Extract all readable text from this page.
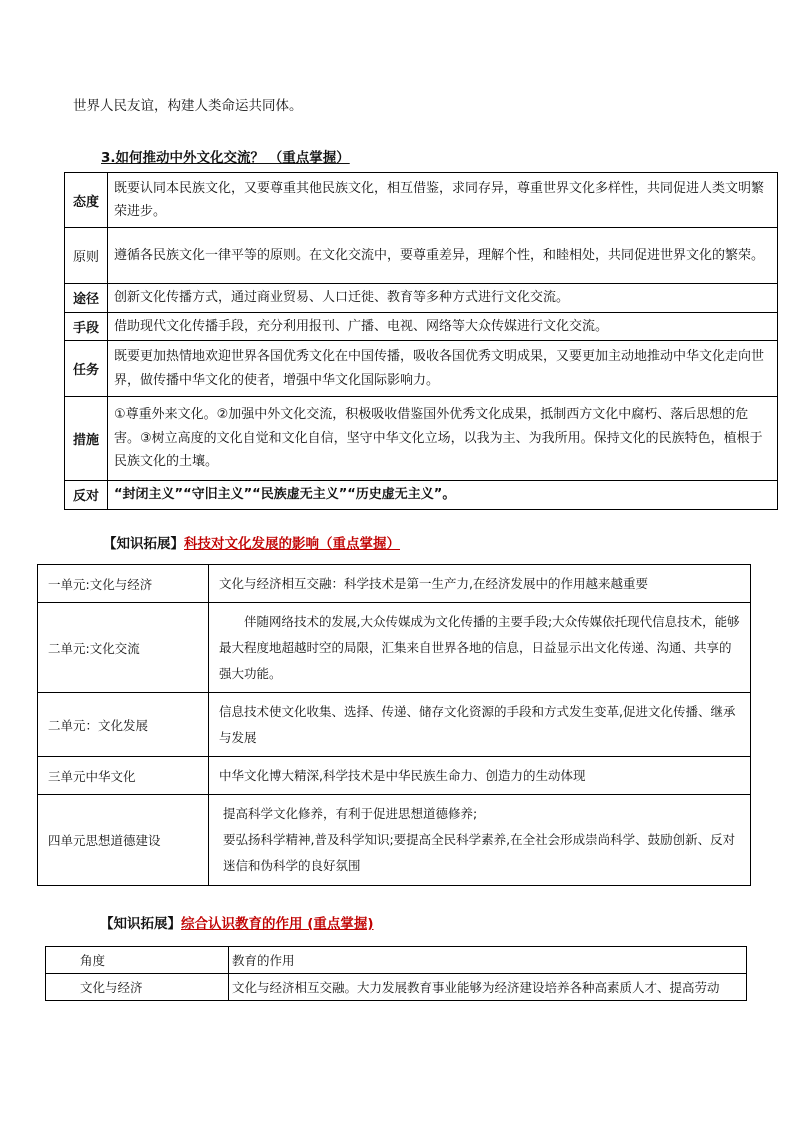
世界人民友谊，构建人类命运共同体。
3.如何推动中外文化交流？ （重点掌握）
态度	既要认同本民族文化，又要尊重其他民族文化，相互借鉴，求同存异，尊重世界文化多样性，共同促进人类文明繁荣进步。
原则	遵循各民族文化一律平等的原则。在文化交流中，要尊重差异，理解个性，和睦相处，共同促进世界文化的繁荣。
途径	创新文化传播方式，通过商业贸易、人口迁徙、教育等多种方式进行文化交流。
手段	借助现代文化传播手段，充分利用报刊、广播、电视、网络等大众传媒进行文化交流。
任务	既要更加热情地欢迎世界各国优秀文化在中国传播，吸收各国优秀文明成果，又要更加主动地推动中华文化走向世界，做传播中华文化的使者，增强中华文化国际影响力。
措施	①尊重外来文化。②加强中外文化交流，积极吸收借鉴国外优秀文化成果，抵制西方文化中腐朽、落后思想的危害。③树立高度的文化自觉和文化自信，坚守中华文化立场，以我为主、为我所用。保持文化的民族特色，植根于民族文化的土壤。
反对	“封闭主义”“守旧主义”“民族虚无主义”“历史虚无主义”。
【知识拓展】科技对文化发展的影响（重点掌握）
一单元:文化与经济	文化与经济相互交融：科学技术是第一生产力,在经济发展中的作用越来越重要
二单元:文化交流	伴随网络技术的发展,大众传媒成为文化传播的主要手段;大众传媒依托现代信息技术，能够最大程度地超越时空的局限，汇集来自世界各地的信息，日益显示出文化传递、沟通、共享的强大功能。
二单元：文化发展	信息技术使文化收集、选择、传递、储存文化资源的手段和方式发生变革,促进文化传播、继承与发展
三单元中华文化	中华文化博大精深,科学技术是中华民族生命力、创造力的生动体现
四单元思想道德建设	提高科学文化修养，有利于促进思想道德修养;
要弘扬科学精神,普及科学知识;要提高全民科学素养,在全社会形成崇尚科学、鼓励创新、反对迷信和伪科学的良好氛围
【知识拓展】综合认识教育的作用 (重点掌握)
角度	教育的作用
文化与经济	文化与经济相互交融。大力发展教育事业能够为经济建设培养各种高素质人才、提高劳动
